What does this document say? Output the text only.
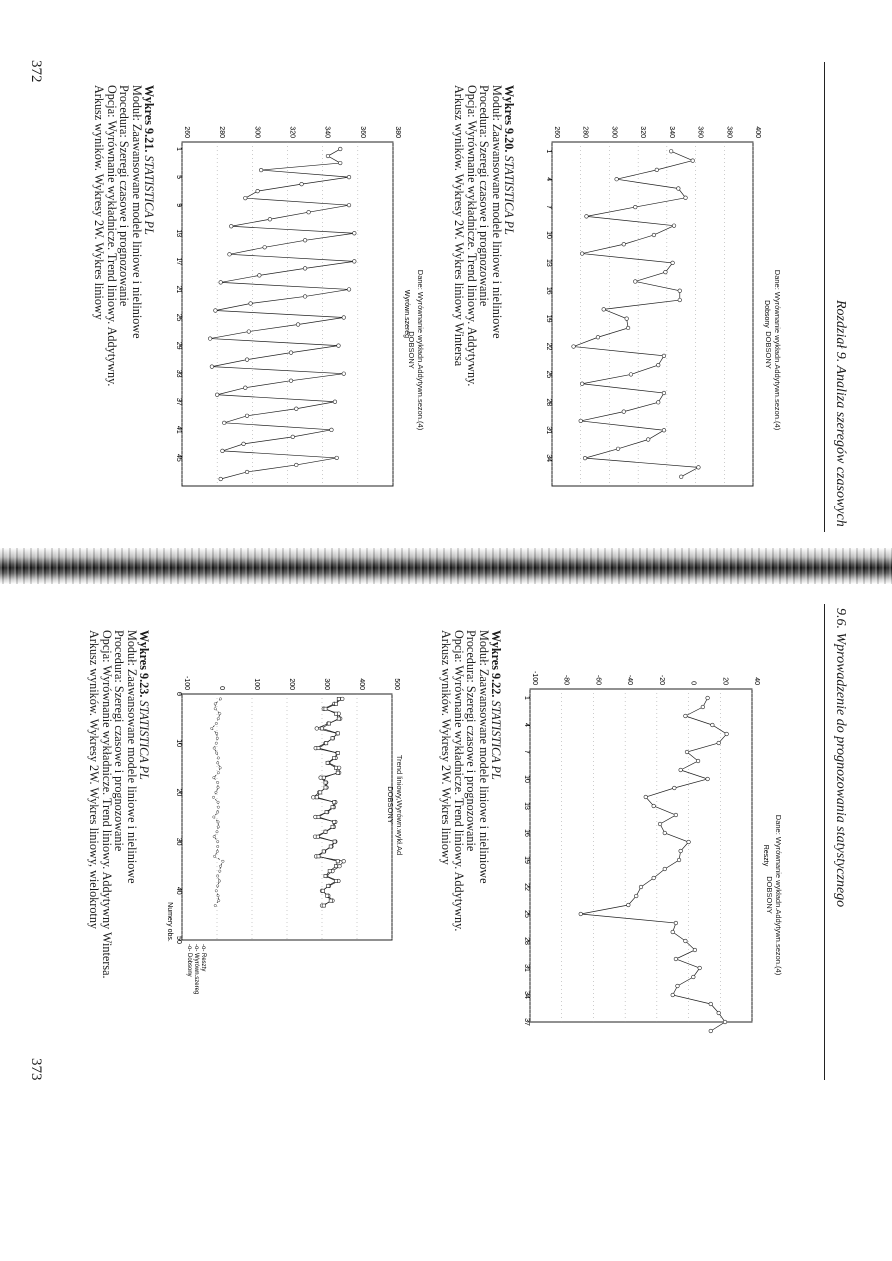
372
373
Rozdział 9. Analiza szeregów czasowych
9.6. Wprowadzenie do prognozowania statystycznego
Wykres 9.20. STATISTICA PL
Moduł: Zaawansowane modele liniowe i nieliniowe
Procedura: Szeregi czasowe i prognozowanie
Opcja: Wyrównanie wykładnicze. Trend liniowy. Addytywny.
Arkusz wyników. Wykresy 2W. Wykres liniowy Wintersa
Wykres 9.21. STATISTICA PL
Moduł: Zaawansowane modele liniowe i nieliniowe
Procedura: Szeregi czasowe i prognozowanie
Opcja: Wyrównanie wykładnicze. Trend liniowy. Addytywny.
Arkusz wyników. Wykresy 2W. Wykres liniowy
Wykres 9.22. STATISTICA PL
Moduł: Zaawansowane modele liniowe i nieliniowe
Procedura: Szeregi czasowe i prognozowanie
Opcja: Wyrównanie wykładnicze. Trend liniowy. Addytywny.
Arkusz wyników. Wykresy 2W. Wykres liniowy
Wykres 9.23. STATISTICA PL
Moduł: Zaawansowane modele liniowe i nieliniowe
Procedura: Szeregi czasowe i prognozowanie
Opcja: Wyrównanie wykładnicze. Trend liniowy. Addytywny Wintersa.
Arkusz wyników. Wykresy 2W. Wykres liniowy, wielokrotny
Dane: Wyrównanie wykładn.Addytywn.sezon.(4)
DOBSONY
Dane: Wyrównanie wykładn.Addytywn.sezon.(4)
DOBSONY
Dane: Wyrównanie wykładn.Addytywn.sezon.(4)
DOBSONY
Trend liniowy,Wyrówn.wykł.Ad
DOBSONY
260	280	300	320	340	360	380	400
1
4
7
10
13
16
19
22
25
28
31
34
Dobsony
260	280	300	320	340	360	380
1
5
9
13
17
21
25
29
33
37
41
45
Wyrówn.szereg
-100	-80	-60	-40	-20	0	20	40
1
4
7
10
13
16
19
22
25
28
31
34
37
Reszty
-100	0	100	200	300	400	500
0
10
20
30
40
50
Numery obs.
-o- Dobsony -o- Wyrówn.szereg -o- Reszty
